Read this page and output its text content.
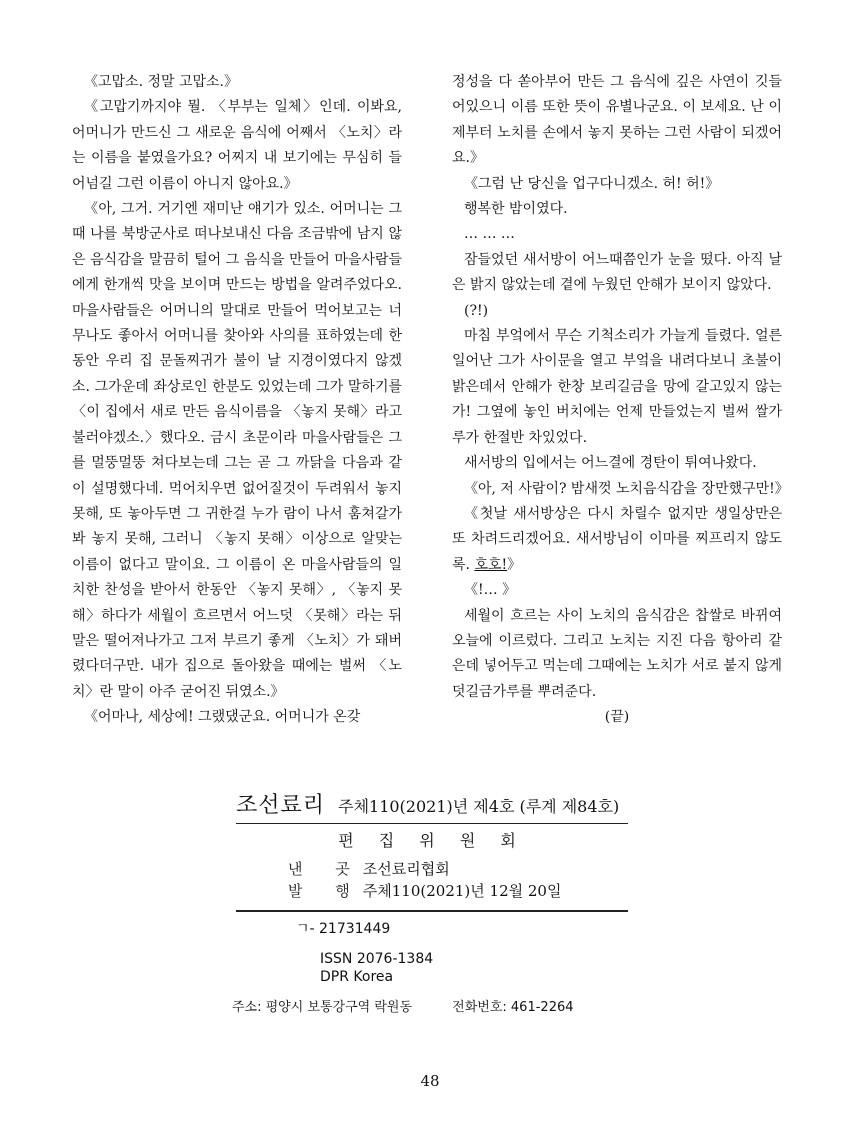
《고맙소. 정말 고맙소.》

《고맙기까지야 뭘. 〈부부는 일체〉인데. 이봐요, 어머니가 만드신 그 새로운 음식에 어째서 〈노치〉라는 이름을 붙였을가요? 어찌지 내 보기에는 무심히 들어넘길 그런 이름이 아니지 않아요.》

《아, 그거. 거기엔 재미난 얘기가 있소. 어머니는 그때 나를 북방군사로 떠나보내신 다음 조금밖에 남지 않은 음식감을 말끔히 털어 그 음식을 만들어 마을사람들에게 한개씩 맛을 보이며 만드는 방법을 알려주었다오. 마을사람들은 어머니의 말대로 만들어 먹어보고는 너무나도 좋아서 어머니를 찾아와 사의를 표하였는데 한동안 우리 집 문돌찌귀가 불이 날 지경이였다지 않겠소. 그가운데 좌상로인 한분도 있었는데 그가 말하기를 〈이 집에서 새로 만든 음식이름을 〈놓지 못해〉라고 불러야겠소.〉했다오. 금시 초문이라 마을사람들은 그를 멀뚱멀뚱 쳐다보는데 그는 곧 그 까닭을 다음과 같이 설명했다네. 먹어치우면 없어질것이 두려워서 놓지 못해, 또 놓아두면 그 귀한걸 누가 람이 나서 훔쳐갈가봐 놓지 못해, 그러니 〈놓지 못해〉이상으로 알맞는 이름이 없다고 말이요. 그 이름이 온 마을사람들의 일치한 찬성을 받아서 한동안 〈놓지 못해〉, 〈놓지 못해〉하다가 세월이 흐르면서 어느덧 〈못해〉라는 뒤말은 떨어져나가고 그저 부르기 좋게 〈노치〉가 돼버렸다더구만. 내가 집으로 돌아왔을 때에는 벌써 〈노치〉란 말이 아주 굳어진 뒤였소.》

《어마나, 세상에! 그랬댔군요. 어머니가 온갖

정성을 다 쏟아부어 만든 그 음식에 깊은 사연이 깃들어있으니 이름 또한 뜻이 유별나군요. 이 보세요. 난 이제부터 노치를 손에서 놓지 못하는 그런 사람이 되겠어요.》

《그럼 난 당신을 업구다니겠소. 허! 허!》

행복한 밤이였다.

… … …

잠들었던 새서방이 어느때쯤인가 눈을 떴다. 아직 날은 밝지 않았는데 곁에 누웠던 안해가 보이지 않았다.

(?!)

마침 부엌에서 무슨 기척소리가 가늘게 들렸다. 얼른 일어난 그가 사이문을 열고 부엌을 내려다보니 초불이 밝은데서 안해가 한창 보리길금을 망에 갈고있지 않는가! 그옆에 놓인 버치에는 언제 만들었는지 벌써 쌀가루가 한절반 차있었다.

새서방의 입에서는 어느결에 경탄이 튀여나왔다.

《아, 저 사람이? 밤새껏 노치음식감을 장만했구만!》

《첫날 새서방상은 다시 차릴수 없지만 생일상만은 또 차려드리겠어요. 새서방님이 이마를 찌프리지 않도록. 호호!》

《!… 》

세월이 흐르는 사이 노치의 음식감은 찹쌀로 바뀌여 오늘에 이르렀다. 그리고 노치는 지진 다음 항아리 같은데 넣어두고 먹는데 그때에는 노치가 서로 붙지 않게 덧길금가루를 뿌려준다.

(끝)

조선료리 주체110(2021)년 제4호 (루계 제84호)
편 집 위 원 회
낸 곳 조선료리협회
발 행 주체110(2021)년 12월 20일
ㄱ- 21731449
ISSN 2076-1384
DPR Korea
주소: 평양시 보통강구역 락원동	전화번호: 461-2264
48
